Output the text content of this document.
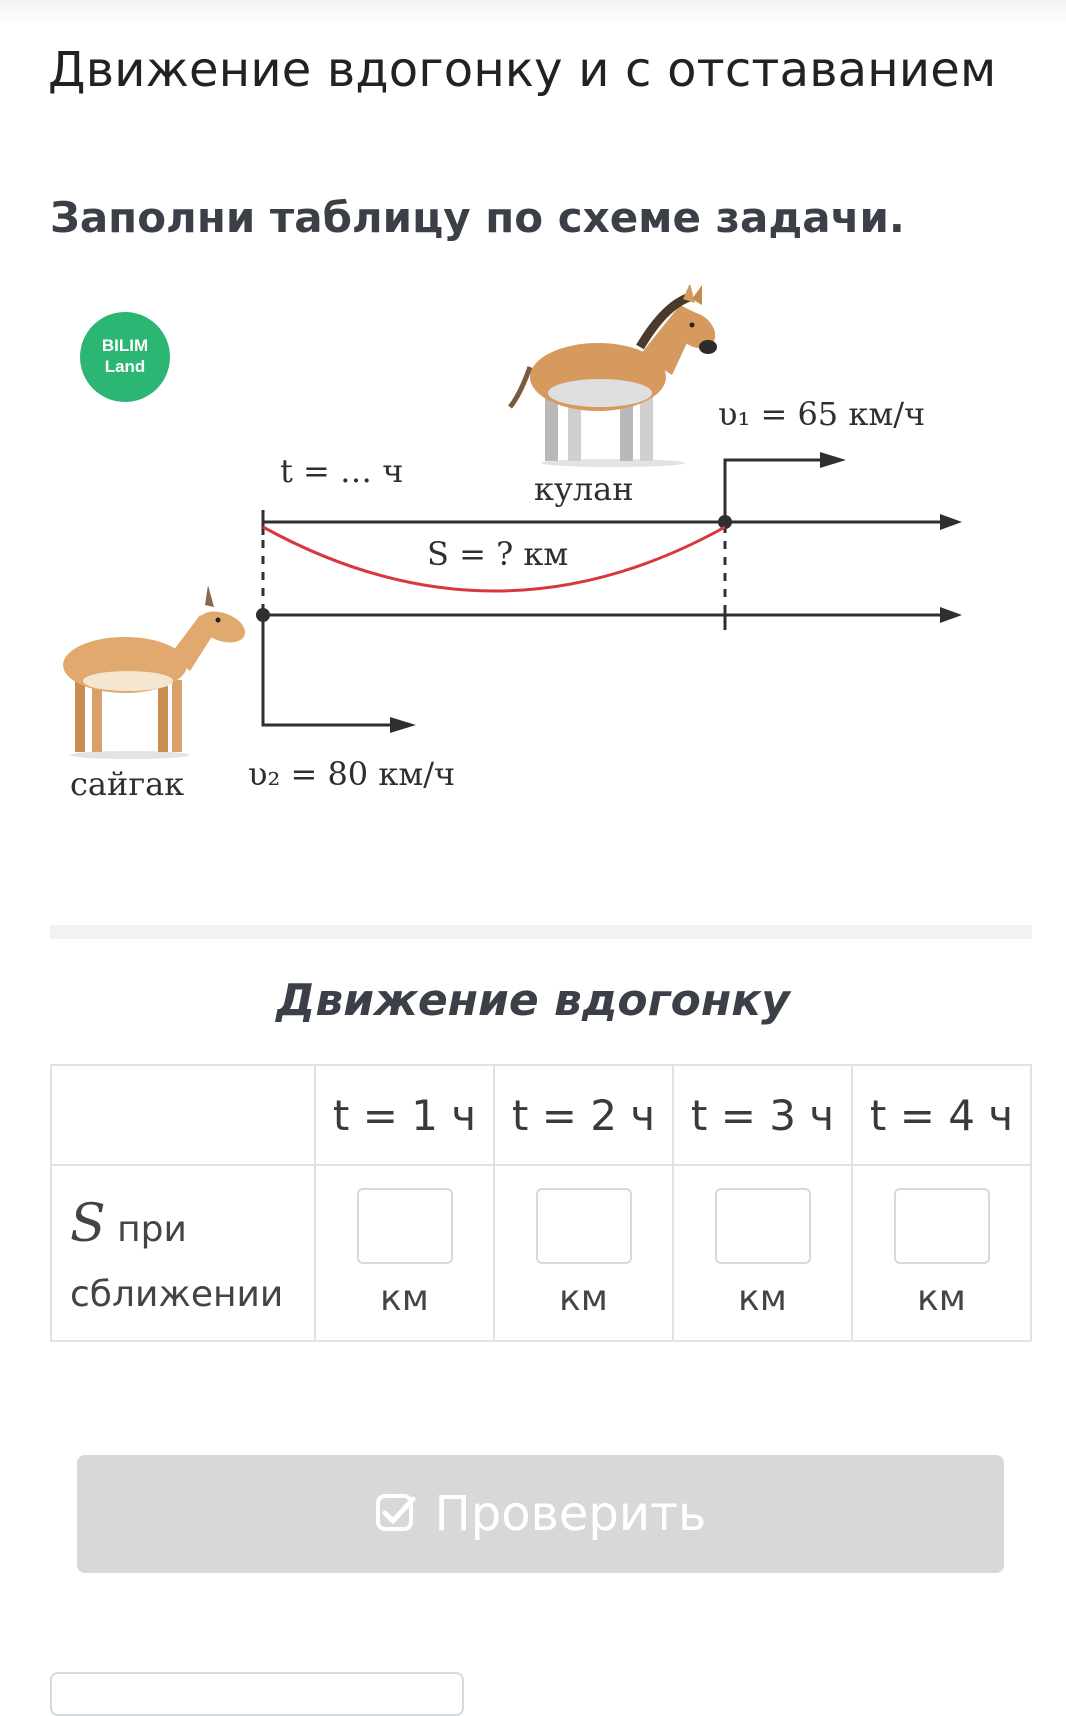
Движение вдогонку и с отставанием
Заполни таблицу по схеме задачи.
BILIM
Land
t = … ч	кулан
υ₁ = 65 км/ч
S = ? км
сайгак υ₂ = 80 км/ч
Движение вдогонку
	t = 1 ч	t = 2 ч	t = 3 ч	t = 4 ч
S при сближении	км	км	км	км
Проверить
